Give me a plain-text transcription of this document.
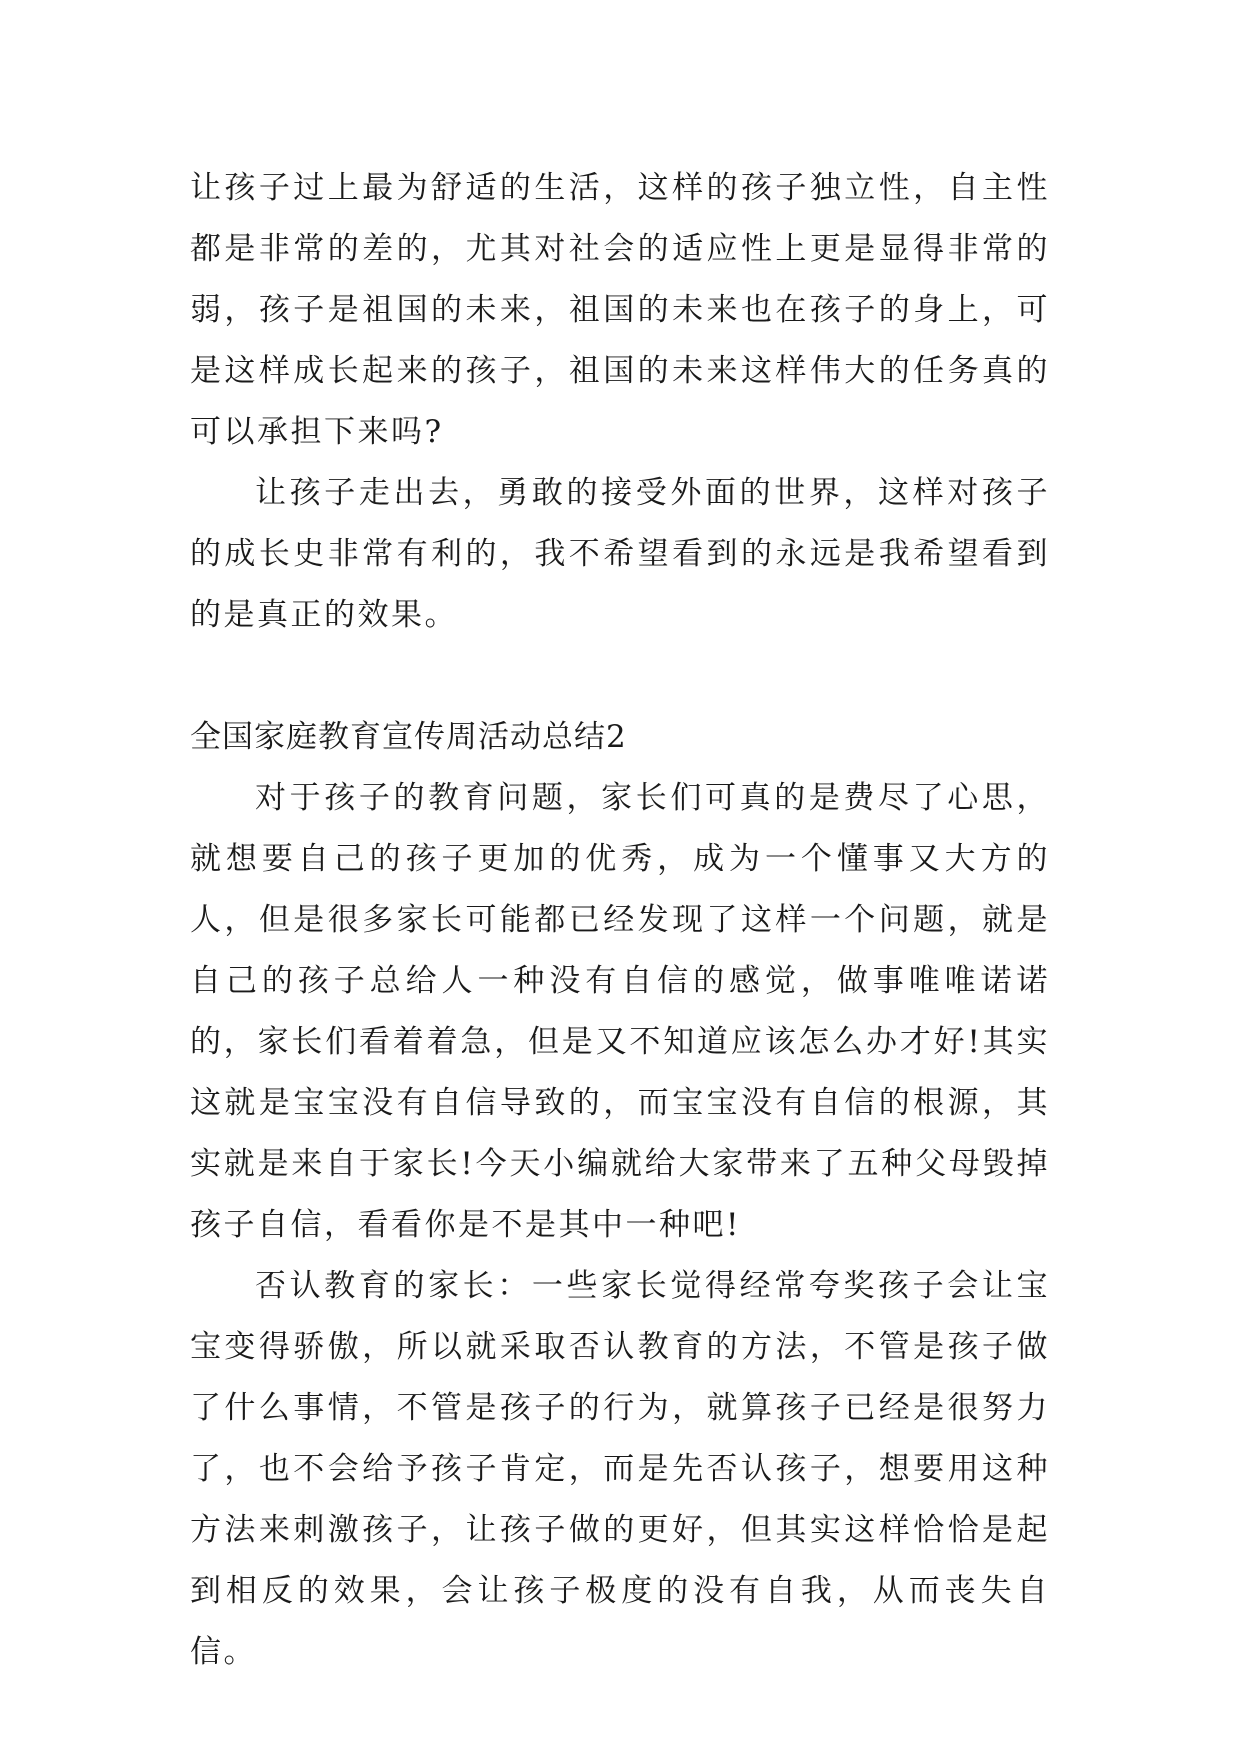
让孩子过上最为舒适的生活，这样的孩子独立性，自主性都是非常的差的，尤其对社会的适应性上更是显得非常的弱，孩子是祖国的未来，祖国的未来也在孩子的身上，可是这样成长起来的孩子，祖国的未来这样伟大的任务真的可以承担下来吗?

让孩子走出去，勇敢的接受外面的世界，这样对孩子的成长史非常有利的，我不希望看到的永远是我希望看到的是真正的效果。

全国家庭教育宣传周活动总结2

对于孩子的教育问题，家长们可真的是费尽了心思，就想要自己的孩子更加的优秀，成为一个懂事又大方的人，但是很多家长可能都已经发现了这样一个问题，就是自己的孩子总给人一种没有自信的感觉，做事唯唯诺诺的，家长们看着着急，但是又不知道应该怎么办才好!其实这就是宝宝没有自信导致的，而宝宝没有自信的根源，其实就是来自于家长!今天小编就给大家带来了五种父母毁掉孩子自信，看看你是不是其中一种吧!

否认教育的家长：一些家长觉得经常夸奖孩子会让宝宝变得骄傲，所以就采取否认教育的方法，不管是孩子做了什么事情，不管是孩子的行为，就算孩子已经是很努力了，也不会给予孩子肯定，而是先否认孩子，想要用这种方法来刺激孩子，让孩子做的更好，但其实这样恰恰是起到相反的效果，会让孩子极度的没有自我，从而丧失自信。
